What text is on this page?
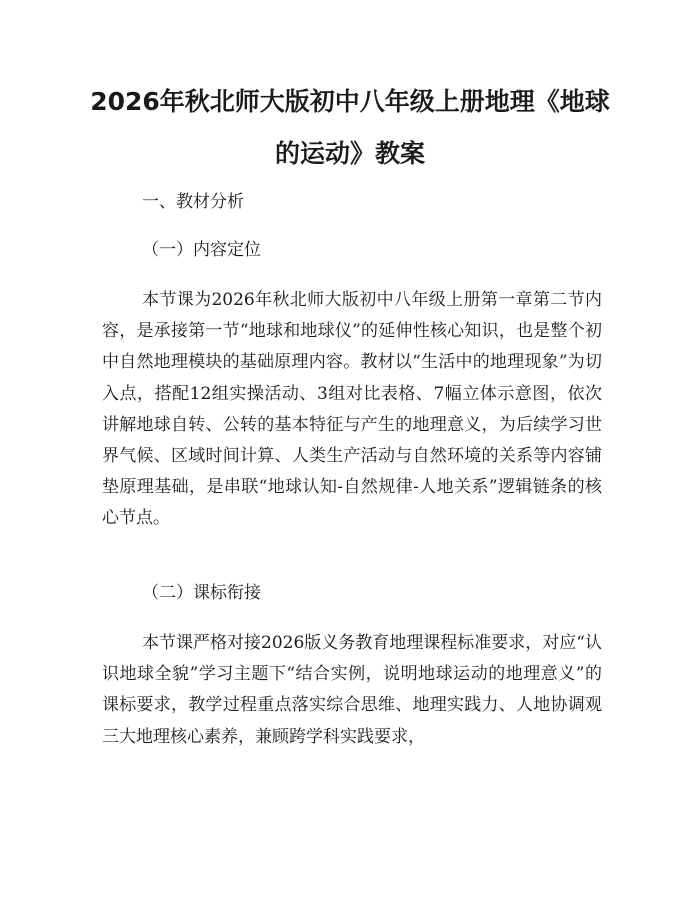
2026年秋北师大版初中八年级上册地理《地球的运动》教案

一、教材分析

（一）内容定位

本节课为2026年秋北师大版初中八年级上册第一章第二节内容，是承接第一节“地球和地球仪”的延伸性核心知识，也是整个初中自然地理模块的基础原理内容。教材以“生活中的地理现象”为切入点，搭配12组实操活动、3组对比表格、7幅立体示意图，依次讲解地球自转、公转的基本特征与产生的地理意义，为后续学习世界气候、区域时间计算、人类生产活动与自然环境的关系等内容铺垫原理基础，是串联“地球认知-自然规律-人地关系”逻辑链条的核心节点。

（二）课标衔接

本节课严格对接2026版义务教育地理课程标准要求，对应“认识地球全貌”学习主题下“结合实例，说明地球运动的地理意义”的课标要求，教学过程重点落实综合思维、地理实践力、人地协调观三大地理核心素养，兼顾跨学科实践要求，
